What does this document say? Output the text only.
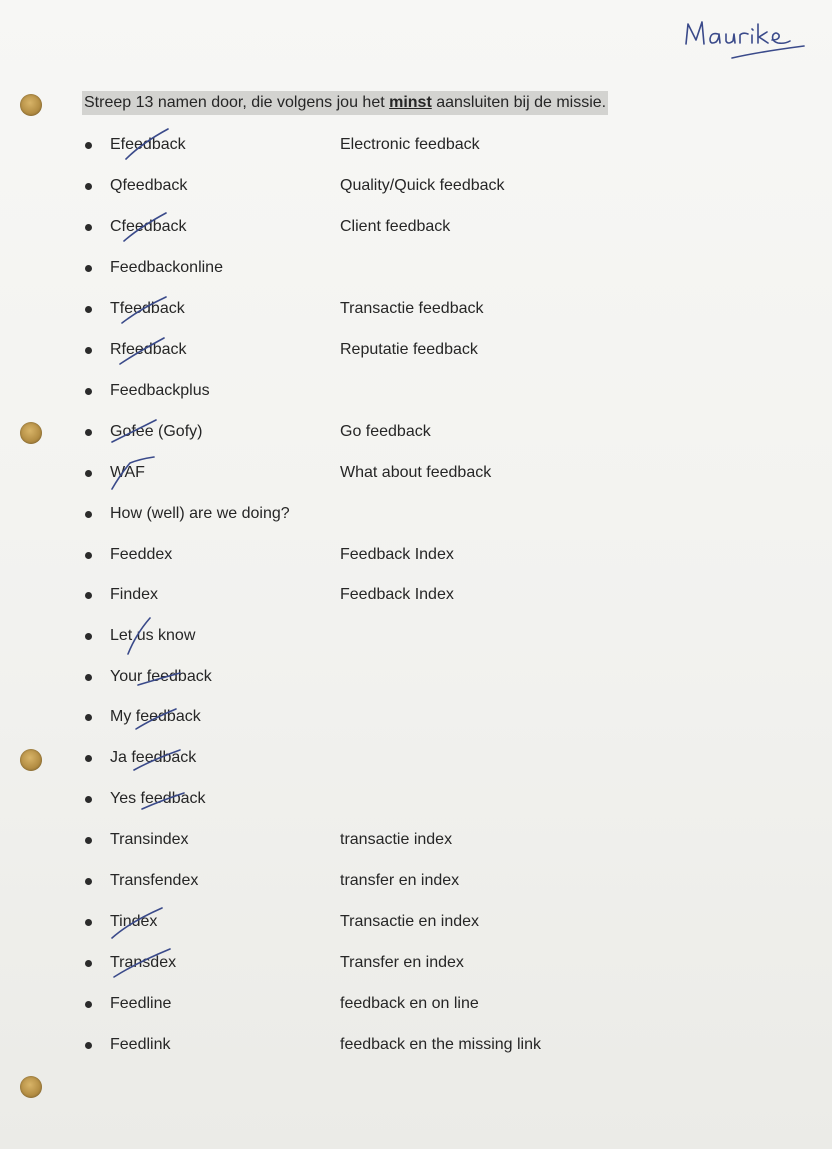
Streep 13 namen door, die volgens jou het minst aansluiten bij de missie.
Efeedback	Electronic feedback
Qfeedback	Quality/Quick feedback
Cfeedback	Client feedback
Feedbackonline
Tfeedback	Transactie feedback
Rfeedback	Reputatie feedback
Feedbackplus
Gofee (Gofy)	Go feedback
WAF	What about feedback
How (well) are we doing?
Feeddex	Feedback Index
Findex	Feedback Index
Let us know
Your feedback
My feedback
Ja feedback
Yes feedback
Transindex	transactie index
Transfendex	transfer en index
Tindex	Transactie en index
Transdex	Transfer en index
Feedline	feedback en on line
Feedlink	feedback en the missing link
